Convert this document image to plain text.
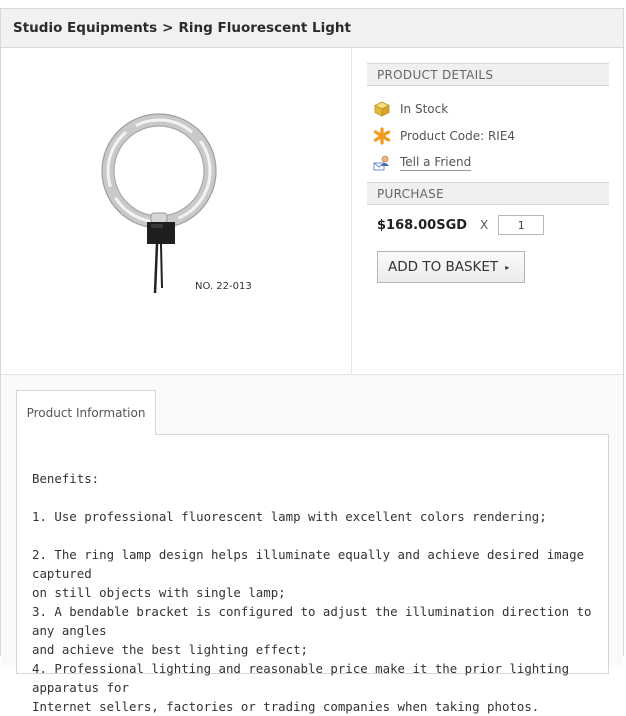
Studio Equipments > Ring Fluorescent Light
NO. 22-013
PRODUCT DETAILS
In Stock
Product Code: RIE4
Tell a Friend
PURCHASE
$168.00SGD X
1
ADD TO BASKET ▸
Product Information

Benefits:

1. Use professional fluorescent lamp with excellent colors rendering;

2. The ring lamp design helps illuminate equally and achieve desired image captured

on still objects with single lamp;

3. A bendable bracket is configured to adjust the illumination direction to any angles

and achieve the best lighting effect;

4. Professional lighting and reasonable price make it the prior lighting apparatus for

Internet sellers, factories or trading companies when taking photos.
